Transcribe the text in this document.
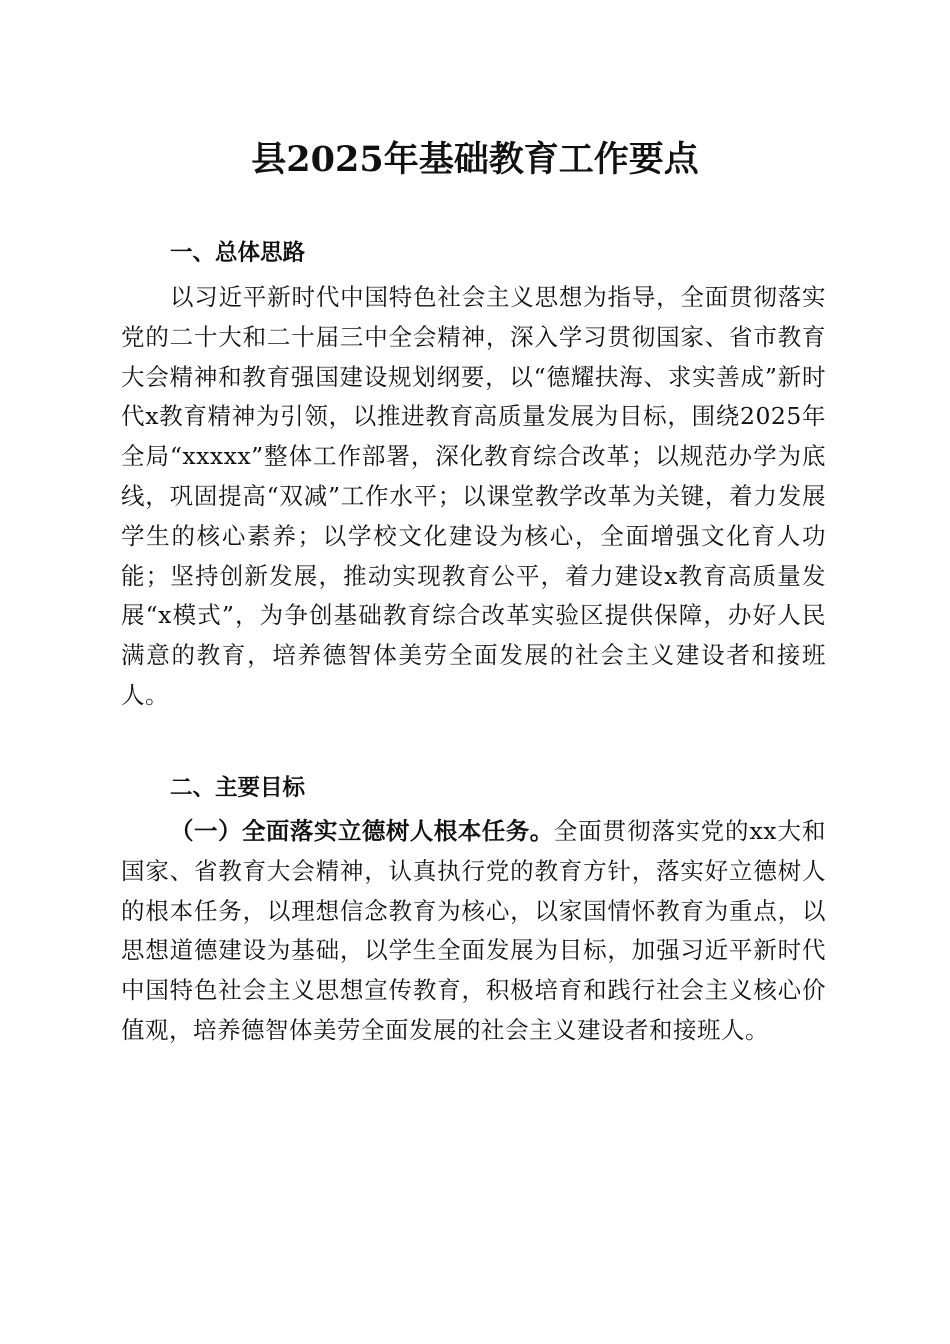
县2025年基础教育工作要点
一、总体思路

以习近平新时代中国特色社会主义思想为指导，全面贯彻落实党的二十大和二十届三中全会精神，深入学习贯彻国家、省市教育大会精神和教育强国建设规划纲要，以“德耀扶海、求实善成”新时代x教育精神为引领，以推进教育高质量发展为目标，围绕2025年全局“xxxxx”整体工作部署，深化教育综合改革；以规范办学为底线，巩固提高“双减”工作水平；以课堂教学改革为关键，着力发展学生的核心素养；以学校文化建设为核心，全面增强文化育人功能；坚持创新发展，推动实现教育公平，着力建设x教育高质量发展“x模式”，为争创基础教育综合改革实验区提供保障，办好人民满意的教育，培养德智体美劳全面发展的社会主义建设者和接班人。

二、主要目标

（一）全面落实立德树人根本任务。全面贯彻落实党的xx大和国家、省教育大会精神，认真执行党的教育方针，落实好立德树人的根本任务，以理想信念教育为核心，以家国情怀教育为重点，以思想道德建设为基础，以学生全面发展为目标，加强习近平新时代中国特色社会主义思想宣传教育，积极培育和践行社会主义核心价值观，培养德智体美劳全面发展的社会主义建设者和接班人。
